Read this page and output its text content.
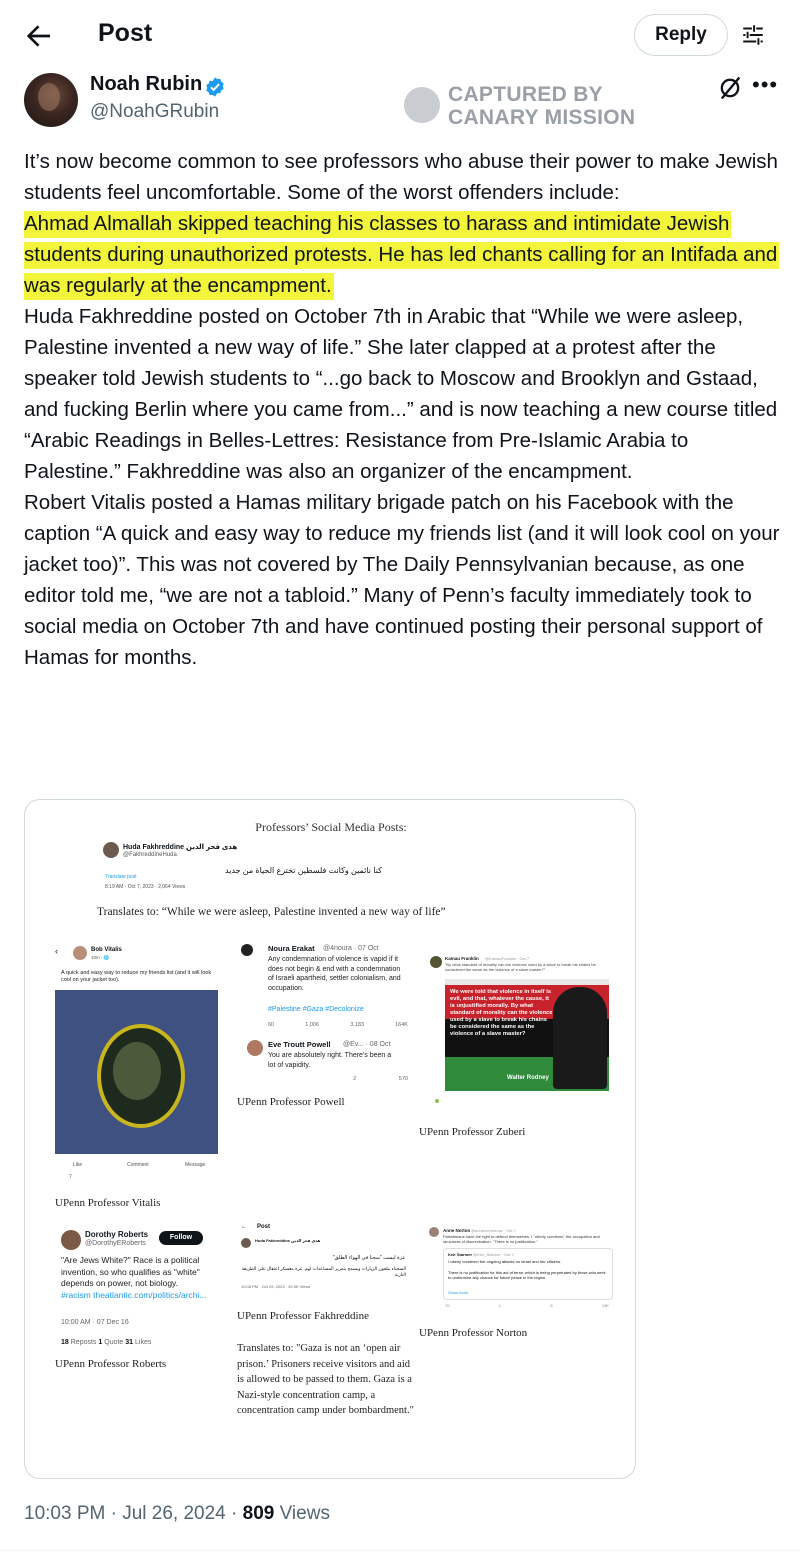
Post	Reply
Noah Rubin
@NoahGRubin
CAPTURED BY
CANARY MISSION
•••

It’s now become common to see professors who abuse their power to make Jewish students feel uncomfortable. Some of the worst offenders include:

Ahmad Almallah skipped teaching his classes to harass and intimidate Jewish students during unauthorized protests. He has led chants calling for an Intifada and was regularly at the encampment.

Huda Fakhreddine posted on October 7th in Arabic that “While we were asleep, Palestine invented a new way of life.” She later clapped at a protest after the speaker told Jewish students to “...go back to Moscow and Brooklyn and Gstaad, and fucking Berlin where you came from...” and is now teaching a new course titled “Arabic Readings in Belles-Lettres: Resistance from Pre-Islamic Arabia to Palestine.” Fakhreddine was also an organizer of the encampment.

Robert Vitalis posted a Hamas military brigade patch on his Facebook with the caption “A quick and easy way to reduce my friends list (and it will look cool on your jacket too)”. This was not covered by The Daily Pennsylvanian because, as one editor told me, “we are not a tabloid.” Many of Penn’s faculty immediately took to social media on October 7th and have continued posting their personal support of Hamas for months.

Professors’ Social Media Posts:
Huda Fakhreddine هدى فخر الدين
@FakhreddineHuda
كنا نائمين وكانت فلسطين تخترع الحياة من جديد
Translate post
8:19 AM · Oct 7, 2023 · 2,064 Views
Translates to: “While we were asleep, Palestine invented a new way of life”
‹	Bob Vitalis
10m · 🌐
A quick and easy way to reduce my friends list (and it will look cool on your jacket too).
Like	Comment	Message
7
UPenn Professor Vitalis
Noura Erakat @4noura · 07 Oct
Any condemnation of violence is vapid if it does not begin & end with a condemnation of Israeli apartheid, settler colonialism, and occupation.
#Palestine #Gaza #Decolonize
60	1,006	3,183	164K
Eve Troutt Powell @Ev... · 08 Oct
You are absolutely right. There's been a lot of vapidity.
2	570
UPenn Professor Powell
Kamau Franklin @KamauFranklin · Oct 7
"By what standard of morality can the violence used by a slave to break his chains be considered the same as the violence of a slave master?"
We were told that violence in itself is evil, and that, whatever the cause, it is unjustified morally. By what standard of morality can the violence used by a slave to break his chains be considered the same as the violence of a slave master?
Walter Rodney
UPenn Professor Zuberi
Dorothy Roberts
@DorothyERoberts
Follow
"Are Jews White?" Race is a political invention, so who qualifies as "white" depends on power, not biology.
#racism theatlantic.com/politics/archi...
10:00 AM · 07 Dec 16
18 Reposts 1 Quote 31 Likes
UPenn Professor Roberts
← Post
Huda Fakhreddine هدى فخر الدين
غزة ليست "سجنا في الهواء الطلق"
السجناء يتلقون الزيارات ويسمح بتمرير المساعدات لهم. غزة معسكر اعتقال على الطريقة النازية
10:08 PM · Oct 29, 2023 · 39.5K Views
UPenn Professor Fakhreddine
Translates to: "Gaza is not an ‘open air prison.’ Prisoners receive visitors and aid is allowed to be passed to them. Gaza is a Nazi-style concentration camp, a concentration camp under bombardment."
Anne Norton @annenortonnow · Oct 7
Palestinians have the right to defend themselves. I "utterly condemn" the occupation and structures of discrimination. "There is no justification."
Keir Starmer @Keir_Starmer · Oct 7
I utterly condemn the ongoing attacks on Israel and her citizens.
There is no justification for this act of terror which is being perpetrated by those who seek to undermine any chance for future peace in the region.
Show more
70	1	8	13K
UPenn Professor Norton
10:03 PM · Jul 26, 2024 · 809 Views
